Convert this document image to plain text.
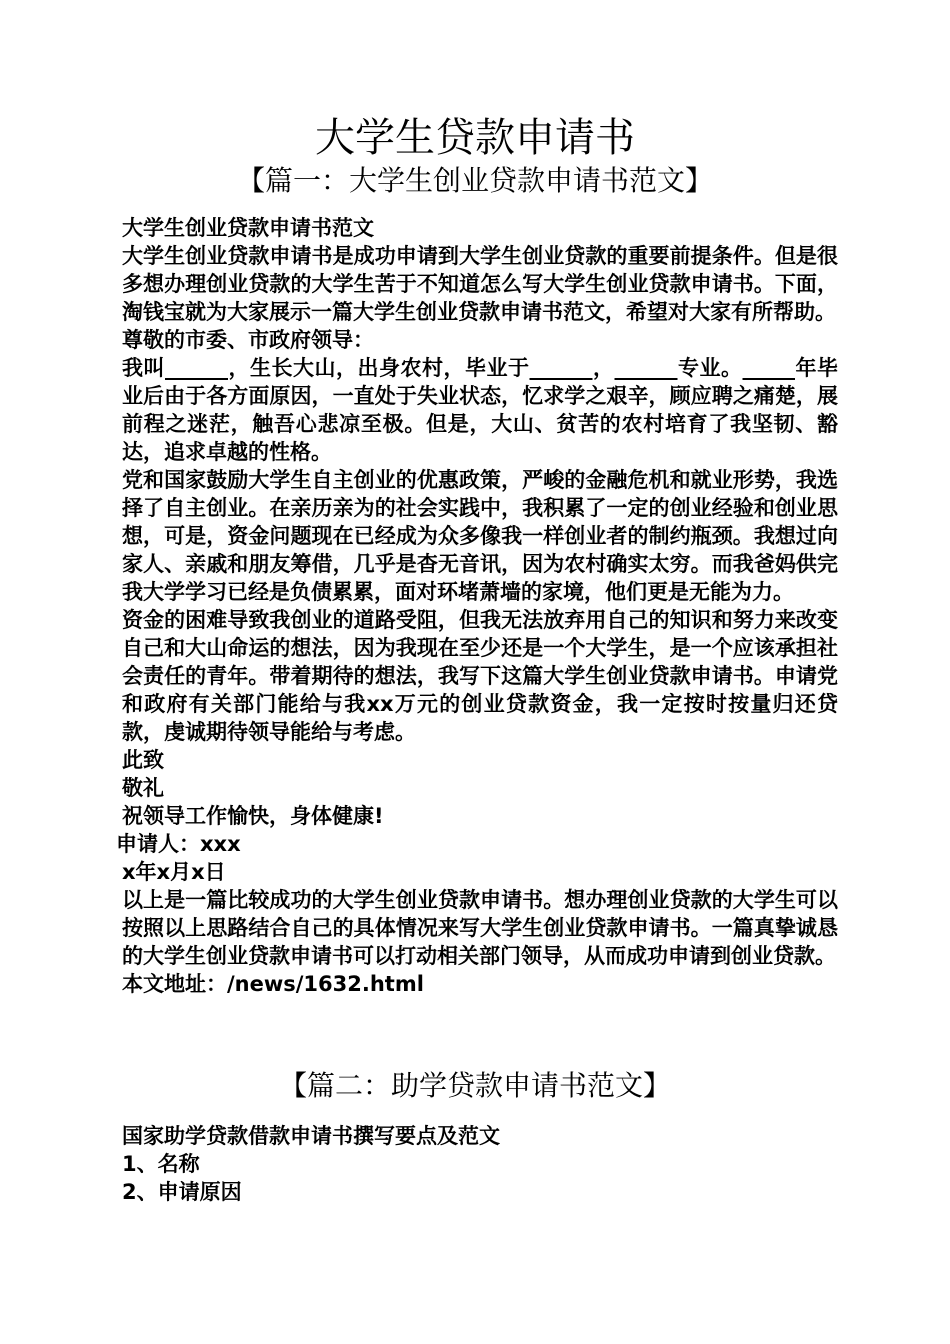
大学生贷款申请书
【篇一：大学生创业贷款申请书范文】

大学生创业贷款申请书范文

大学生创业贷款申请书是成功申请到大学生创业贷款的重要前提条件。但是很多想办理创业贷款的大学生苦于不知道怎么写大学生创业贷款申请书。下面，淘钱宝就为大家展示一篇大学生创业贷款申请书范文，希望对大家有所帮助。

尊敬的市委、市政府领导：

我叫______，生长大山，出身农村，毕业于______，______专业。_____年毕业后由于各方面原因，一直处于失业状态，忆求学之艰辛，顾应聘之痛楚，展前程之迷茫，触吾心悲凉至极。但是，大山、贫苦的农村培育了我坚韧、豁达，追求卓越的性格。

党和国家鼓励大学生自主创业的优惠政策，严峻的金融危机和就业形势，我选择了自主创业。在亲历亲为的社会实践中，我积累了一定的创业经验和创业思想，可是，资金问题现在已经成为众多像我一样创业者的制约瓶颈。我想过向家人、亲戚和朋友筹借，几乎是杳无音讯，因为农村确实太穷。而我爸妈供完我大学学习已经是负债累累，面对环堵萧墙的家境，他们更是无能为力。

资金的困难导致我创业的道路受阻，但我无法放弃用自己的知识和努力来改变自己和大山命运的想法，因为我现在至少还是一个大学生，是一个应该承担社会责任的青年。带着期待的想法，我写下这篇大学生创业贷款申请书。申请党和政府有关部门能给与我xx万元的创业贷款资金，我一定按时按量归还贷款，虔诚期待领导能给与考虑。

此致

敬礼

祝领导工作愉快，身体健康!

申请人：xxx

x年x月x日

以上是一篇比较成功的大学生创业贷款申请书。想办理创业贷款的大学生可以按照以上思路结合自己的具体情况来写大学生创业贷款申请书。一篇真挚诚恳的大学生创业贷款申请书可以打动相关部门领导，从而成功申请到创业贷款。

本文地址：/news/1632.html

【篇二：助学贷款申请书范文】

国家助学贷款借款申请书撰写要点及范文

1、名称

2、申请原因
